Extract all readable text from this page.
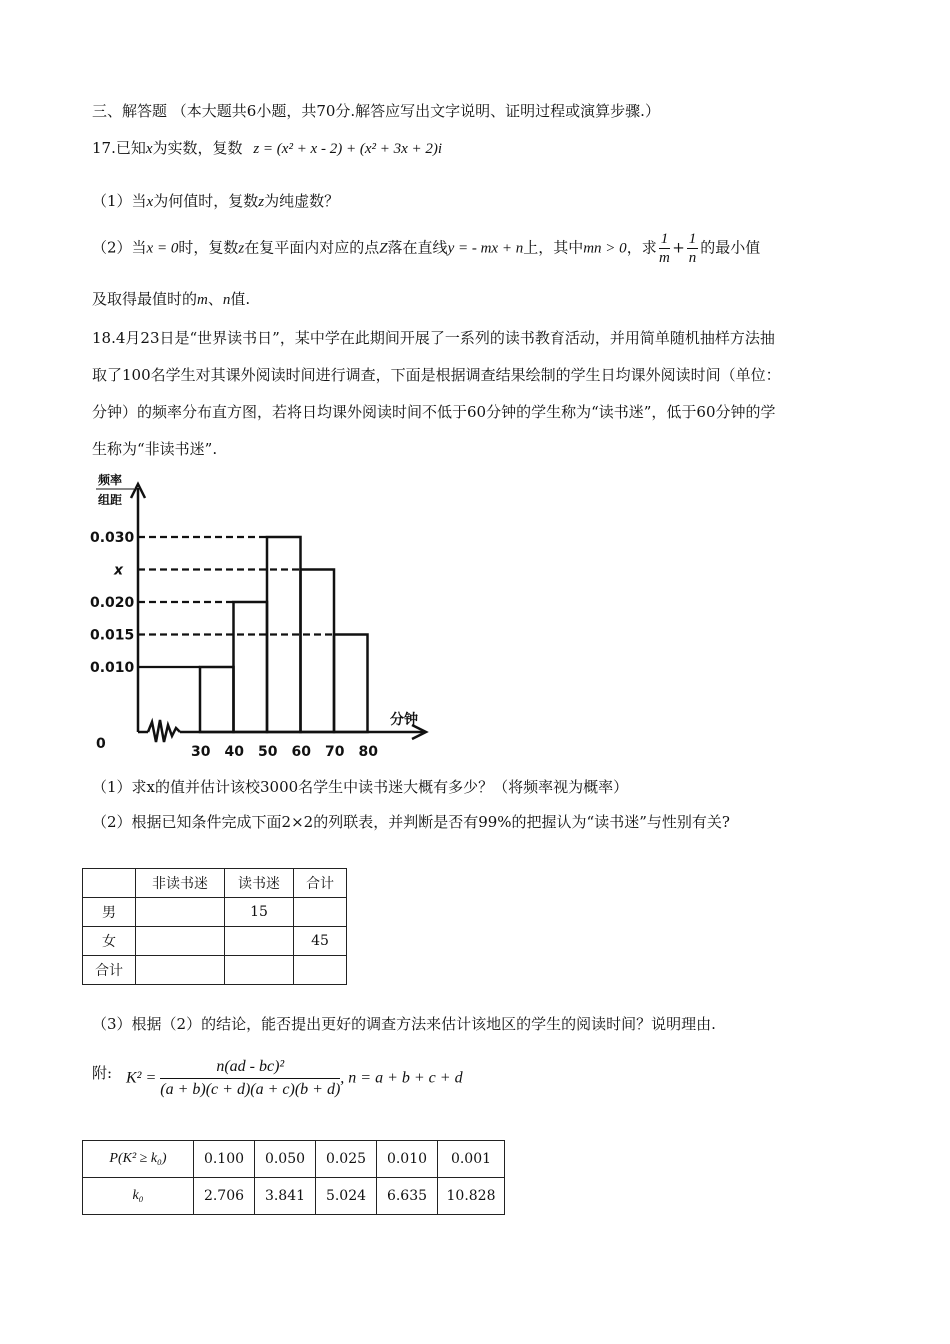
三、解答题 （本大题共6小题，共70分.解答应写出文字说明、证明过程或演算步骤.）
17.已知x为实数，复数 z = (x² + x - 2) + (x² + 3x + 2)i
（1）当x为何值时，复数z为纯虚数？
（2）当x = 0时，复数z在复平面内对应的点Z落在直线y = - mx + n上，其中mn > 0，求 $\frac{1}{m} + \frac{1}{n}$ 的最小值
及取得最值时的m、n值.
18.4月23日是“世界读书日”，某中学在此期间开展了一系列的读书教育活动，并用简单随机抽样方法抽
取了100名学生对其课外阅读时间进行调查，下面是根据调查结果绘制的学生日均课外阅读时间（单位：
分钟）的频率分布直方图，若将日均课外阅读时间不低于60分钟的学生称为“读书迷”，低于60分钟的学
生称为“非读书迷”.
频率
组距
分钟
0
0.010
0.015
0.020
x
0.030
30 40 50 60 70 80
（1）求x的值并估计该校3000名学生中读书迷大概有多少？（将频率视为概率）
（2）根据已知条件完成下面2×2的列联表，并判断是否有99%的把握认为“读书迷”与性别有关?
	非读书迷	读书迷	合计
男		15	
女			45
合计			
（3）根据（2）的结论，能否提出更好的调查方法来估计该地区的学生的阅读时间？说明理由.
附: $K^2 = \frac{\text{n(ad - bc)²}}{(a + b)(c + d)(a + c)(b + d)}$ , n = a + b + c + d
P(K² ≥ k₀)	0.100	0.050	0.025	0.010	0.001
k₀	2.706	3.841	5.024	6.635	10.828
